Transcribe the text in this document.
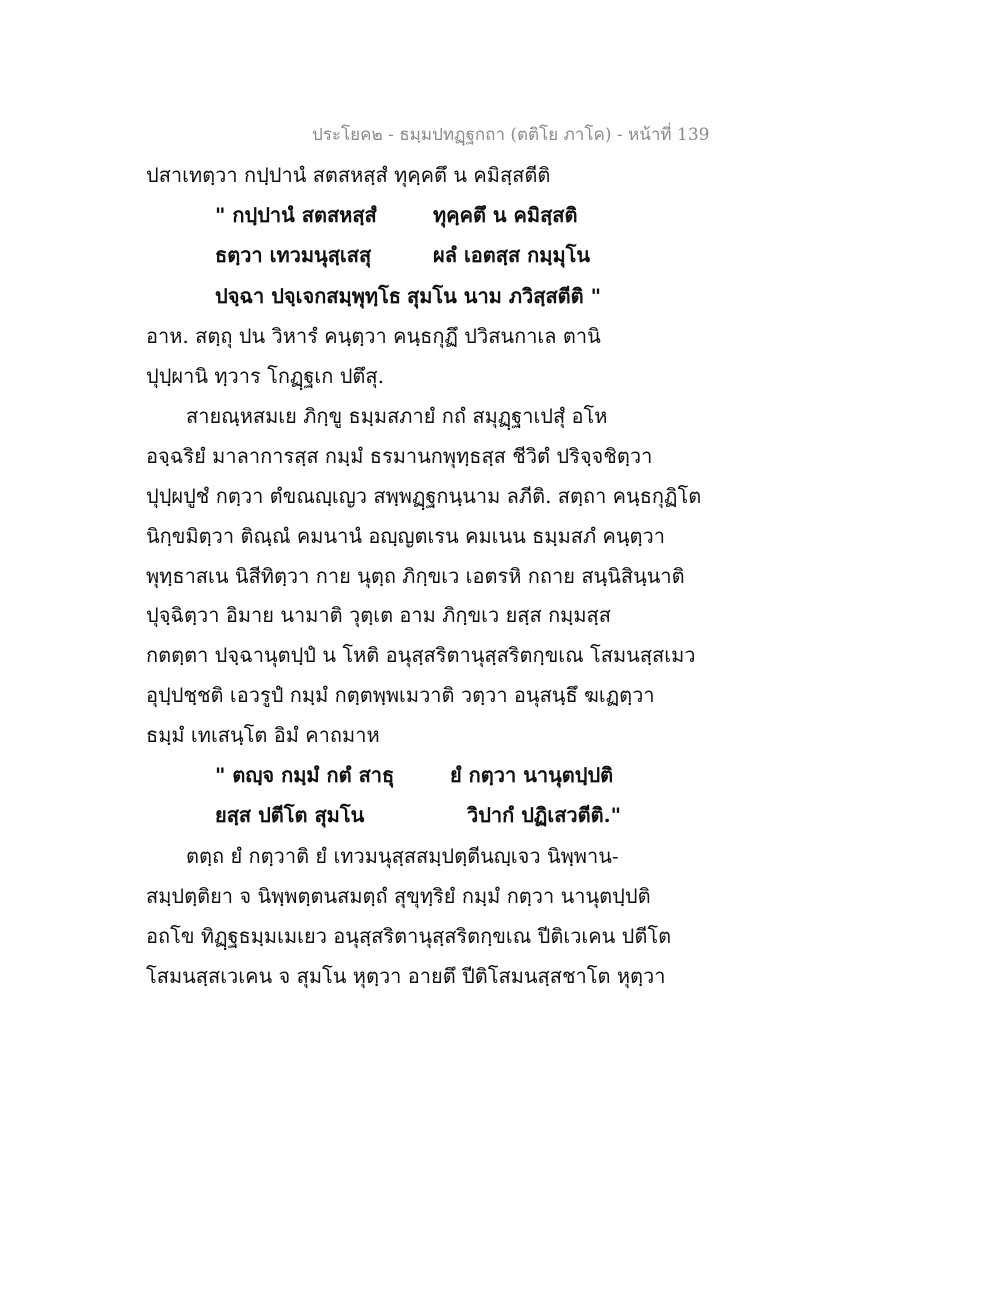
ประโยค๒ - ธมฺมปทฏฺฐกถา (ตติโย ภาโค) - หน้าที่ 139
ปสาเทตฺวา กปฺปานํ สตสหสฺสํ ทุคฺคตึ น คมิสฺสตีติ
" กปฺปานํ สตสหสฺสํ	ทุคฺคตึ น คมิสฺสติ
ธตฺวา เทวมนุสฺเสสุ	ผลํ เอตสฺส กมฺมุโน
ปจฺฉา ปจฺเจกสมฺพุทฺโธ สุมโน นาม ภวิสฺสตีติ "
อาห. สตฺถุ ปน วิหารํ คนฺตฺวา คนฺธกุฏึ ปวิสนกาเล ตานิ
ปุปฺผานิ ทฺวาร โกฏฺฐเก ปตึสุ.
สายณฺหสมเย ภิกฺขู ธมฺมสภายํ กถํ สมุฏฺฐาเปสุํ อโห
อจฺฉริยํ มาลาการสฺส กมฺมํ ธรมานกพุทฺธสฺส ชีวิตํ ปริจฺจชิตฺวา
ปุปฺผปูชํ กตฺวา ตํขณญฺเญว สพฺพฏฺฐกนฺนาม ลภีติ. สตฺถา คนฺธกุฏิโต
นิกฺขมิตฺวา ติณฺณํ คมนานํ อญฺญตเรน คมเนน ธมฺมสภํ คนฺตฺวา
พุทฺธาสเน นิสีทิตฺวา กาย นุตฺถ ภิกฺขเว เอตรหิ กถาย สนฺนิสินฺนาติ
ปุจฺฉิตฺวา อิมาย นามาติ วุตฺเต อาม ภิกฺขเว ยสฺส กมฺมสฺส
กตตฺตา ปจฺฉานุตปฺปํ น โหติ อนุสฺสริตานุสฺสริตกฺขเณ โสมนสฺสเมว
อุปฺปชฺชติ เอวรูปํ กมฺมํ กตฺตพฺพเมวาติ วตฺวา อนุสนฺธึ ฆเฏตฺวา
ธมฺมํ เทเสนฺโต อิมํ คาถมาห
" ตญฺจ กมฺมํ กตํ สาธุ	ยํ กตฺวา นานุตปฺปติ
ยสฺส ปตีโต สุมโน	วิปากํ ปฏิเสวตีติ."
ตตฺถ ยํ กตฺวาติ ยํ เทวมนุสฺสสมฺปตฺตีนญฺเจว นิพฺพาน-
สมฺปตฺติยา จ นิพฺพตฺตนสมตฺถํ สุขุทฺริยํ กมฺมํ กตฺวา นานุตปฺปติ
อถโข ทิฏฺฐธมฺมเมเยว อนุสฺสริตานุสฺสริตกฺขเณ ปีติเวเคน ปตีโต
โสมนสฺสเวเคน จ สุมโน หุตฺวา อายตึ ปีติโสมนสฺสชาโต หุตฺวา
